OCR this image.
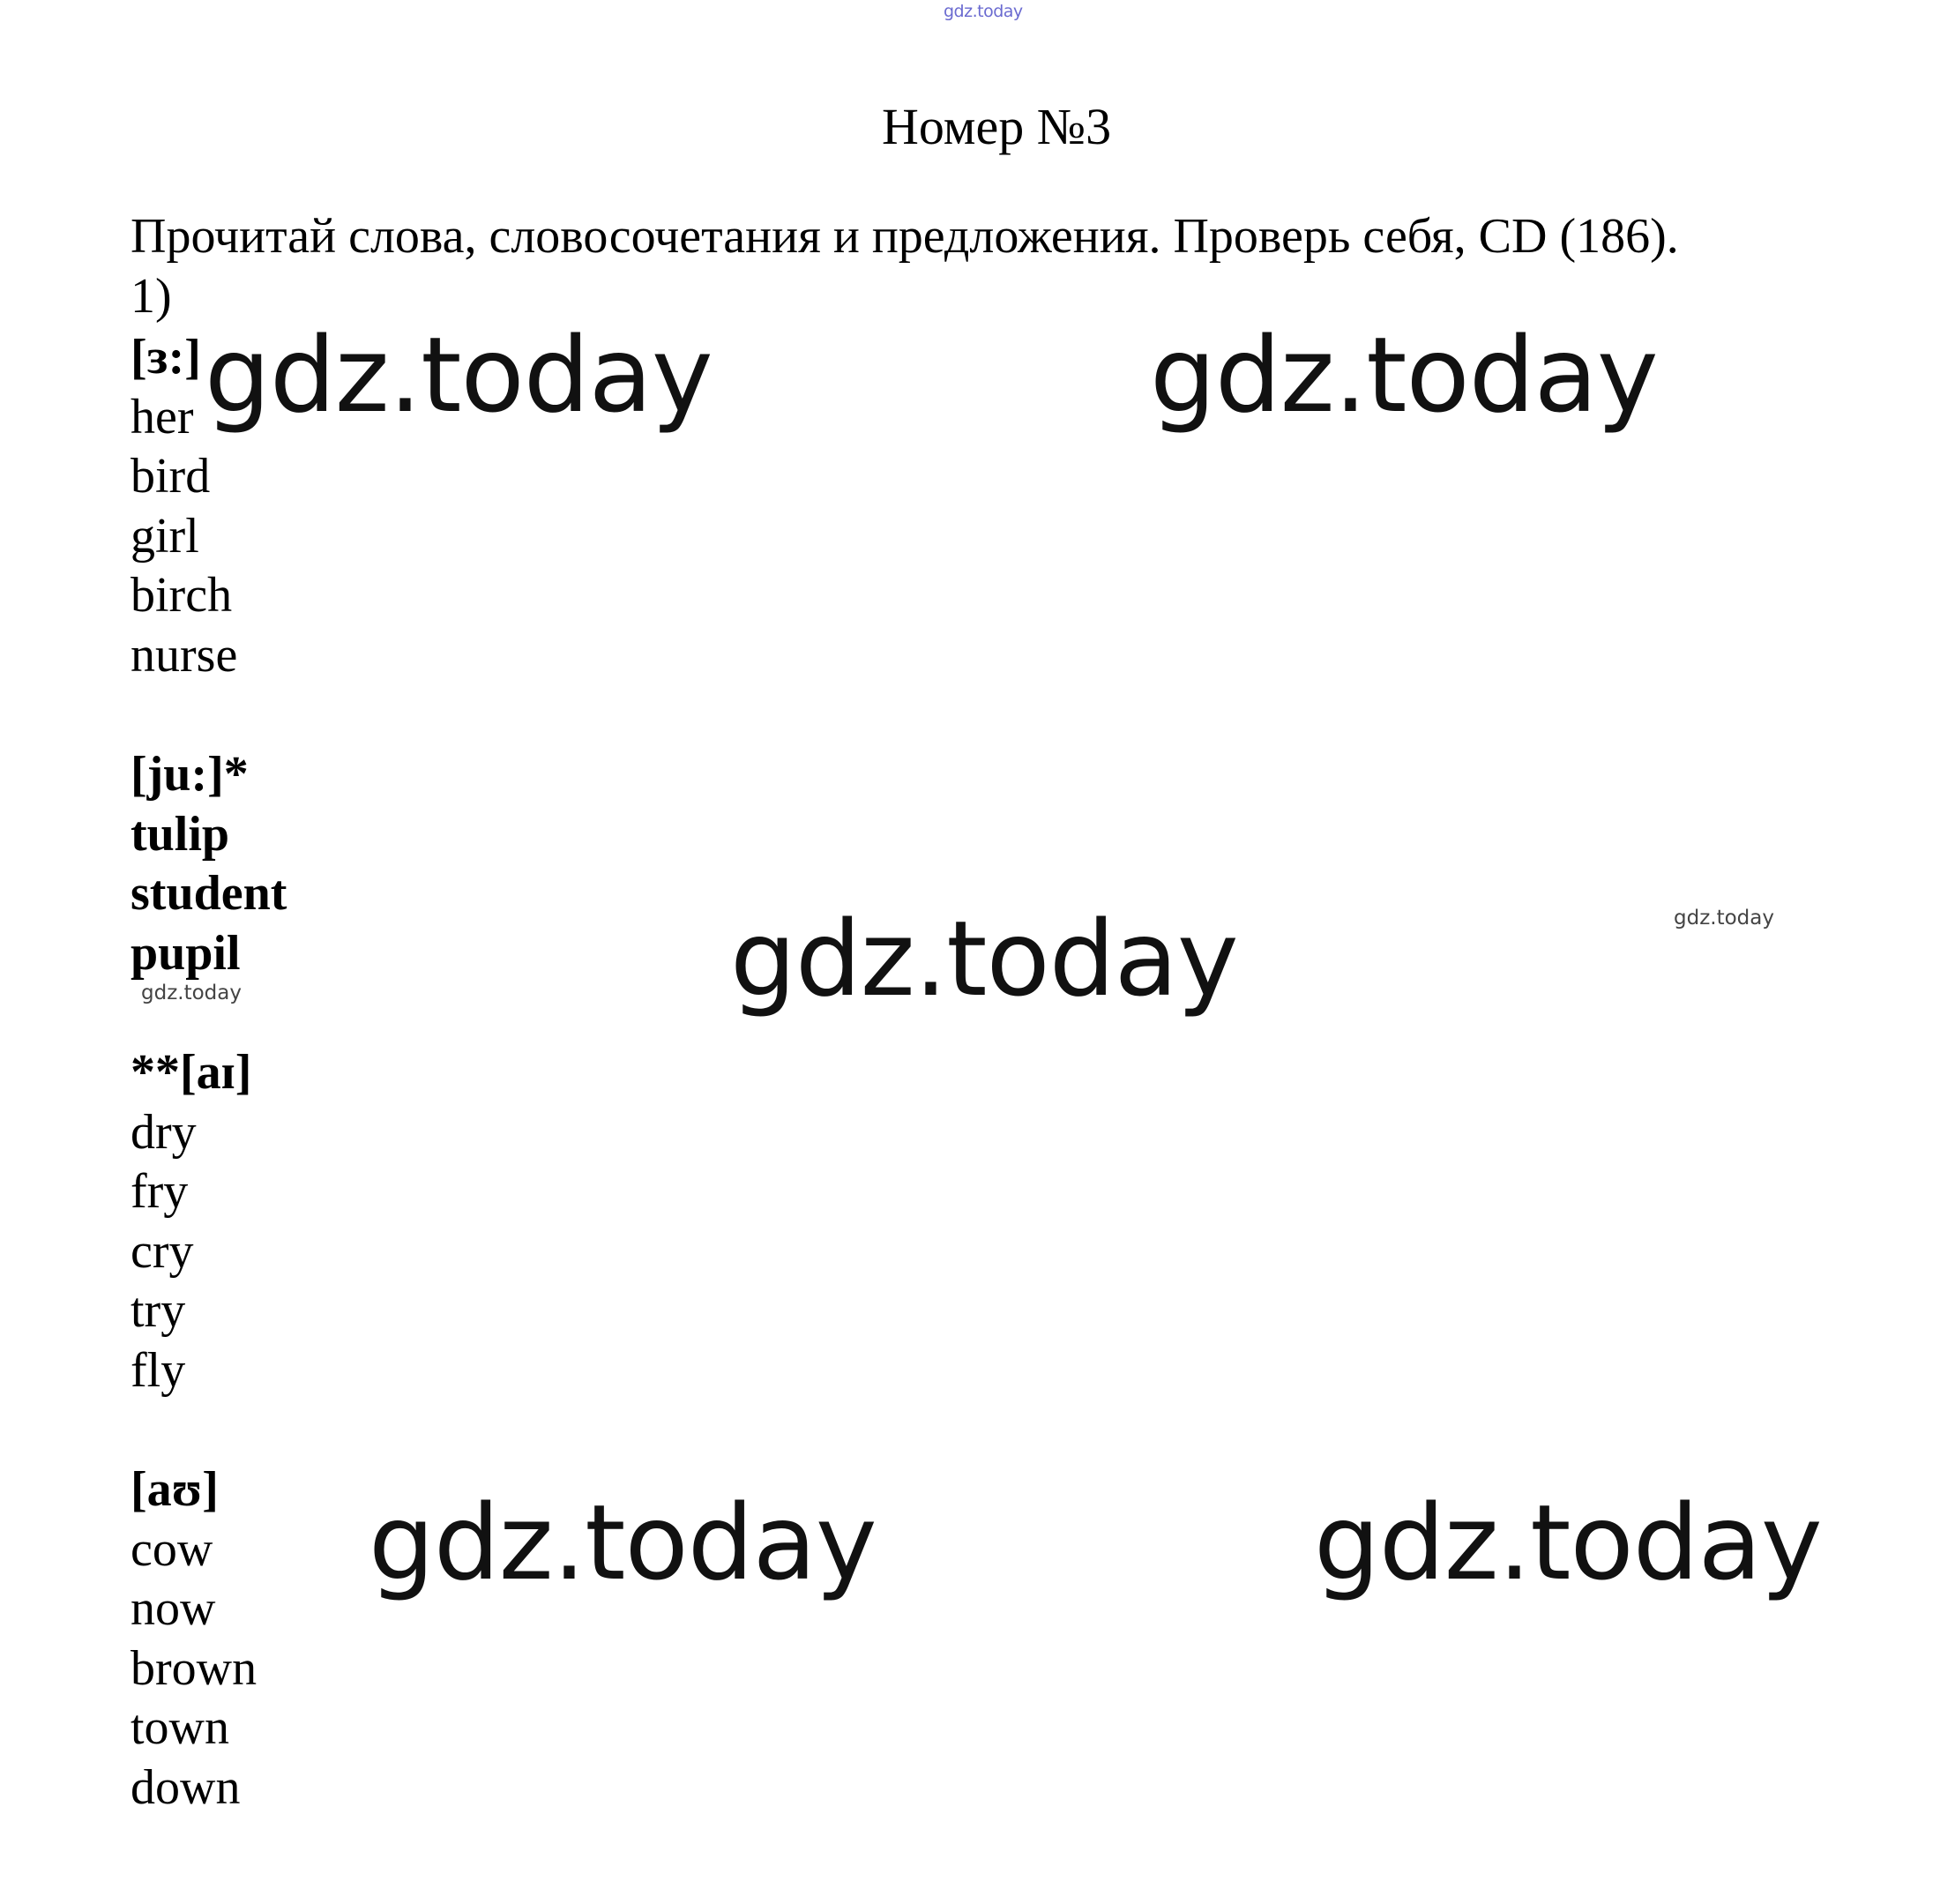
gdz.today
gdz.today	gdz.today
gdz.today	gdz.today
gdz.today
gdz.today	gdz.today
Номер №3
Прочитай слова, словосочетания и предложения. Проверь себя, CD (186).
1)
[ɜ:]
her
bird
girl
birch
nurse
[ju:]*
tulip
student
pupil
**[aɪ]
dry
fry
cry
try
fly
[aʊ]
cow
now
brown
town
down
